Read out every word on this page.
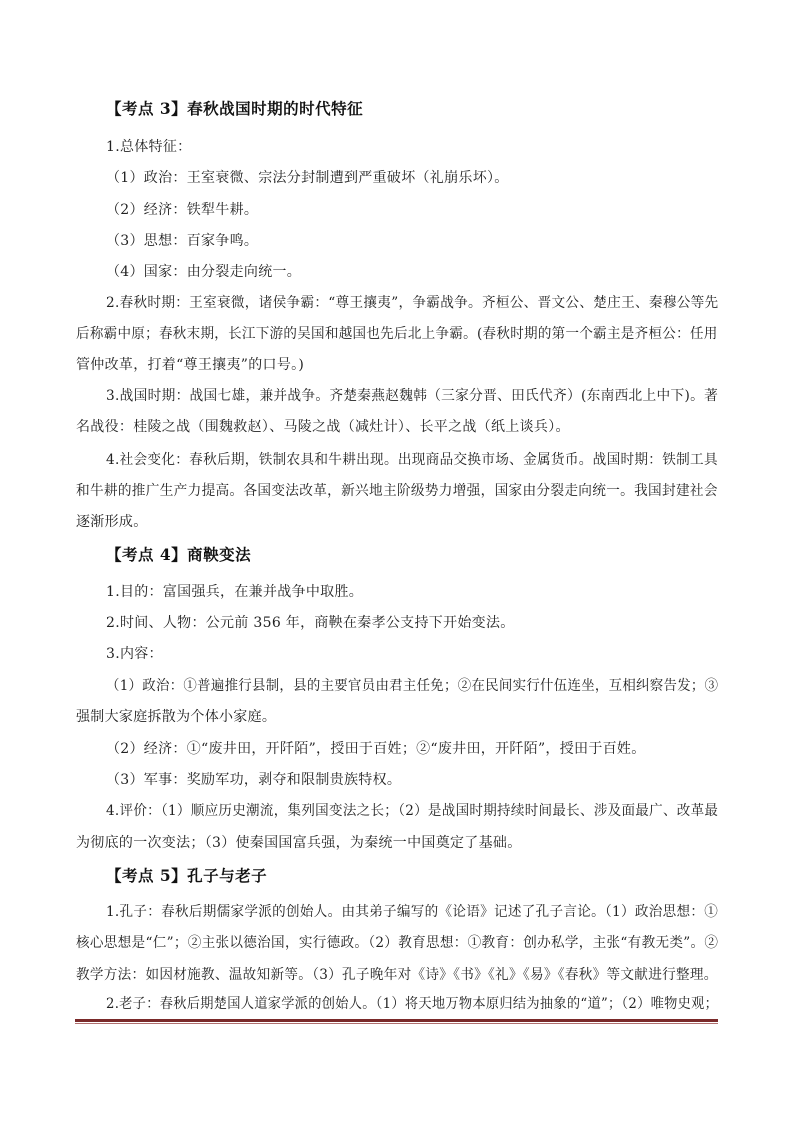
【考点 3】春秋战国时期的时代特征

1.总体特征：

（1）政治：王室衰微、宗法分封制遭到严重破坏（礼崩乐坏）。

（2）经济：铁犁牛耕。

（3）思想：百家争鸣。

（4）国家：由分裂走向统一。

2.春秋时期：王室衰微，诸侯争霸：“尊王攘夷”，争霸战争。齐桓公、晋文公、楚庄王、秦穆公等先

后称霸中原；春秋末期，长江下游的吴国和越国也先后北上争霸。(春秋时期的第一个霸主是齐桓公：任用

管仲改革，打着“尊王攘夷”的口号。)

3.战国时期：战国七雄，兼并战争。齐楚秦燕赵魏韩（三家分晋、田氏代齐）(东南西北上中下)。著

名战役：桂陵之战（围魏救赵）、马陵之战（减灶计）、长平之战（纸上谈兵）。

4.社会变化：春秋后期，铁制农具和牛耕出现。出现商品交换市场、金属货币。战国时期：铁制工具

和牛耕的推广生产力提高。各国变法改革，新兴地主阶级势力增强，国家由分裂走向统一。我国封建社会

逐渐形成。

【考点 4】商鞅变法

1.目的：富国强兵，在兼并战争中取胜。

2.时间、人物：公元前 356 年，商鞅在秦孝公支持下开始变法。

3.内容：

（1）政治：①普遍推行县制，县的主要官员由君主任免；②在民间实行什伍连坐，互相纠察告发；③

强制大家庭拆散为个体小家庭。

（2）经济：①“废井田，开阡陌”，授田于百姓；②“废井田，开阡陌”，授田于百姓。

（3）军事：奖励军功，剥夺和限制贵族特权。

4.评价：（1）顺应历史潮流，集列国变法之长；（2）是战国时期持续时间最长、涉及面最广、改革最

为彻底的一次变法；（3）使秦国国富兵强，为秦统一中国奠定了基础。

【考点 5】孔子与老子

1.孔子：春秋后期儒家学派的创始人。由其弟子编写的《论语》记述了孔子言论。（1）政治思想：①

核心思想是“仁”；②主张以德治国，实行德政。（2）教育思想：①教育：创办私学，主张“有教无类”。②

教学方法：如因材施教、温故知新等。（3）孔子晚年对《诗》《书》《礼》《易》《春秋》等文献进行整理。

2.老子：春秋后期楚国人道家学派的创始人。（1）将天地万物本原归结为抽象的“道”；（2）唯物史观；
